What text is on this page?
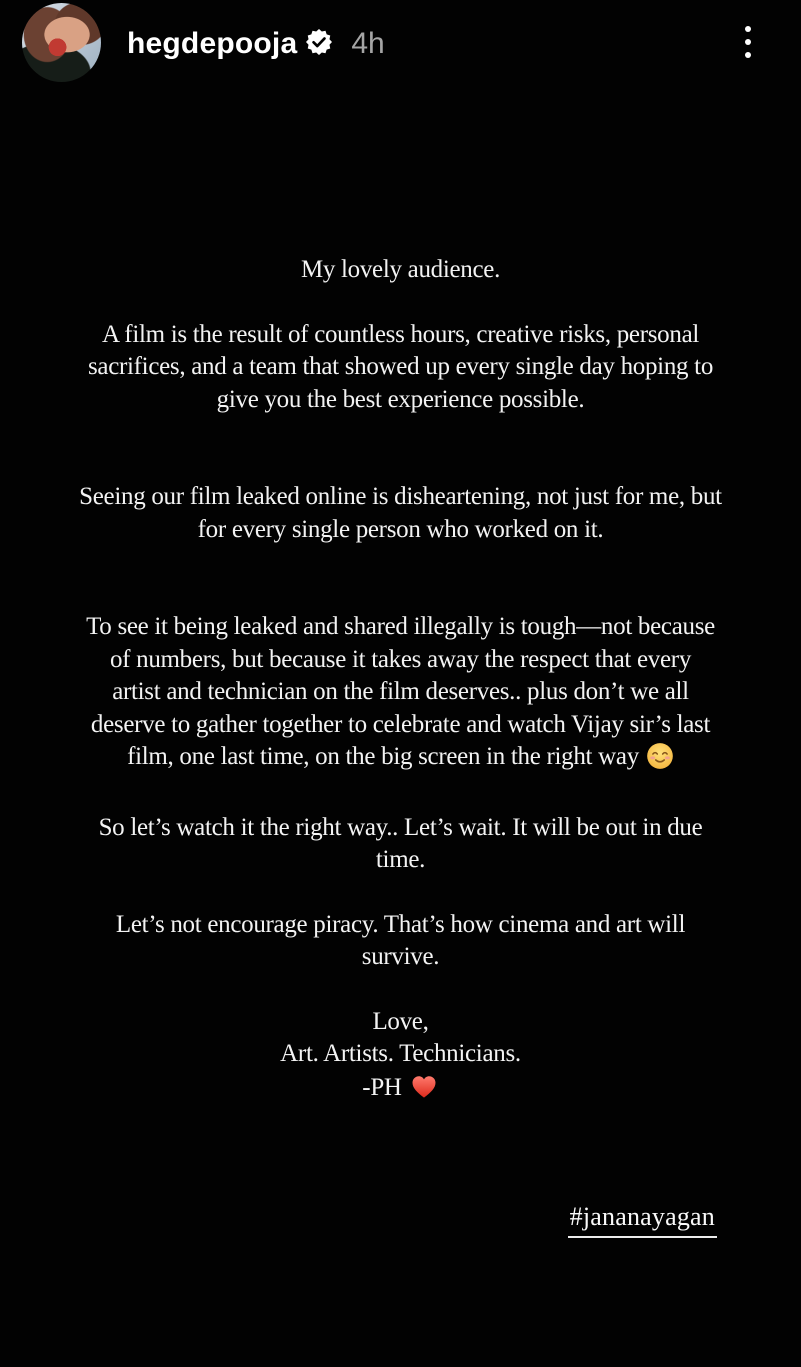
hegdepooja 4h
My lovely audience.
A film is the result of countless hours, creative risks, personal
sacrifices, and a team that showed up every single day hoping to
give you the best experience possible.
Seeing our film leaked online is disheartening, not just for me, but
for every single person who worked on it.
To see it being leaked and shared illegally is tough—not because
of numbers, but because it takes away the respect that every
artist and technician on the film deserves.. plus don’t we all
deserve to gather together to celebrate and watch Vijay sir’s last
film, one last time, on the big screen in the right way
So let’s watch it the right way.. Let’s wait. It will be out in due
time.
Let’s not encourage piracy. That’s how cinema and art will
survive.
Love,
Art. Artists. Technicians.
-PH
#jananayagan
